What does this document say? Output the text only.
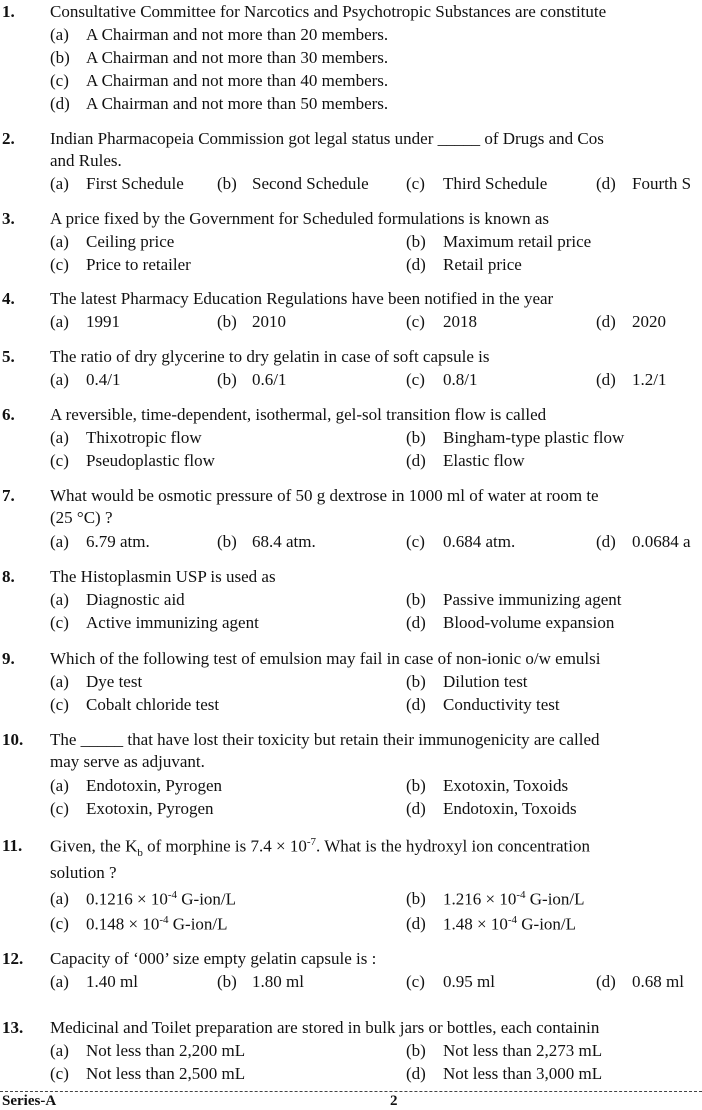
1. Consultative Committee for Narcotics and Psychotropic Substances are constitute
(a) A Chairman and not more than 20 members.
(b) A Chairman and not more than 30 members.
(c) A Chairman and not more than 40 members.
(d) A Chairman and not more than 50 members.
2. Indian Pharmacopeia Commission got legal status under _____ of Drugs and Cos
and Rules.
(a) First Schedule (b) Second Schedule (c) Third Schedule	(d) Fourth S
3. A price fixed by the Government for Scheduled formulations is known as
(a) Ceiling price	(b) Maximum retail price
(c) Price to retailer	(d) Retail price
4. The latest Pharmacy Education Regulations have been notified in the year
(a) 1991	(b) 2010	(c) 2018	(d) 2020
5. The ratio of dry glycerine to dry gelatin in case of soft capsule is
(a) 0.4/1	(b) 0.6/1	(c) 0.8/1	(d) 1.2/1
6. A reversible, time-dependent, isothermal, gel-sol transition flow is called
(a) Thixotropic flow	(b) Bingham-type plastic flow
(c) Pseudoplastic flow	(d) Elastic flow
7. What would be osmotic pressure of 50 g dextrose in 1000 ml of water at room te
(25 °C) ?
(a) 6.79 atm.	(b) 68.4 atm.	(c) 0.684 atm.	(d) 0.0684 a
8. The Histoplasmin USP is used as
(a) Diagnostic aid	(b) Passive immunizing agent
(c) Active immunizing agent	(d) Blood-volume expansion
9. Which of the following test of emulsion may fail in case of non-ionic o/w emulsi
(a) Dye test	(b) Dilution test
(c) Cobalt chloride test	(d) Conductivity test
10. The _____ that have lost their toxicity but retain their immunogenicity are called
may serve as adjuvant.
(a) Endotoxin, Pyrogen	(b) Exotoxin, Toxoids
(c) Exotoxin, Pyrogen	(d) Endotoxin, Toxoids
11. Given, the $K_b$ of morphine is $7.4 \times 10^{-7}$. What is the hydroxyl ion concentration
solution ?
(a) $0.1216 \times 10^{-4}$ G-ion/L	(b) $1.216 \times 10^{-4}$ G-ion/L
(c) $0.148 \times 10^{-4}$ G-ion/L	(d) $1.48 \times 10^{-4}$ G-ion/L
12. Capacity of ‘000’ size empty gelatin capsule is :
(a) 1.40 ml	(b) 1.80 ml	(c) 0.95 ml	(d) 0.68 ml
13. Medicinal and Toilet preparation are stored in bulk jars or bottles, each containin
(a) Not less than 2,200 mL	(b) Not less than 2,273 mL
(c) Not less than 2,500 mL	(d) Not less than 3,000 mL
Series-A	2
